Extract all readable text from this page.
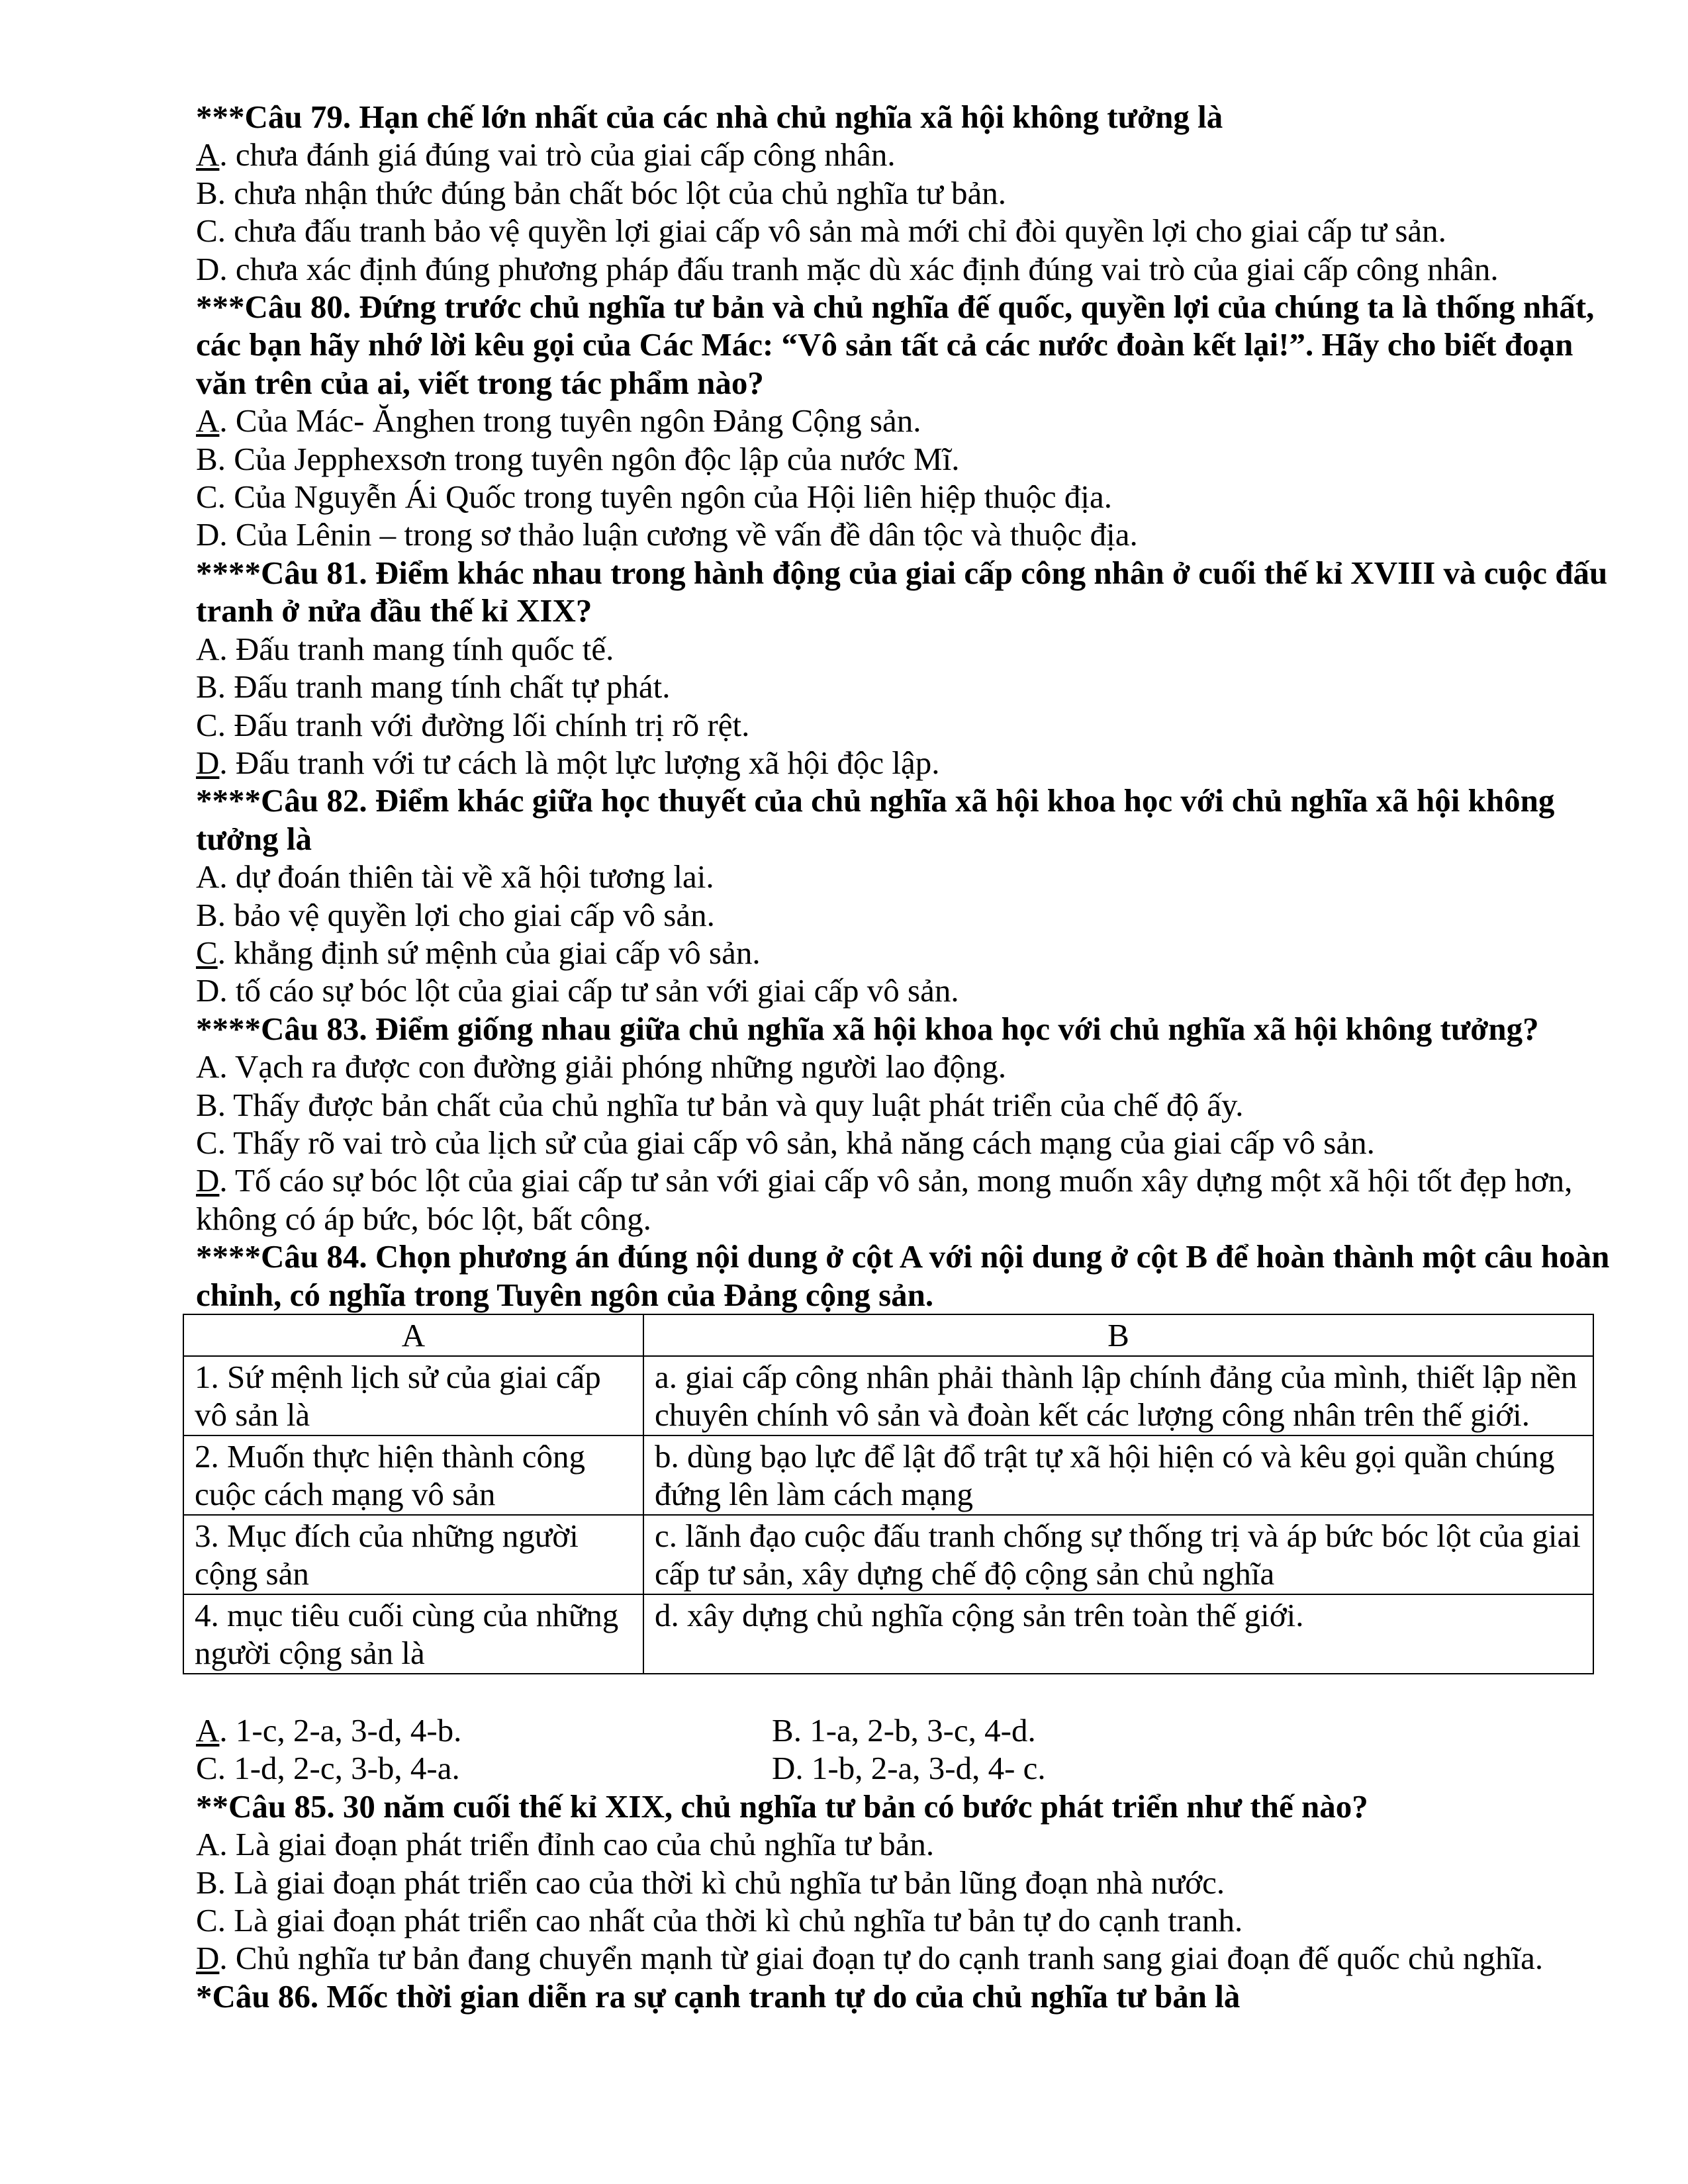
***Câu 79. Hạn chế lớn nhất của các nhà chủ nghĩa xã hội không tưởng là
A. chưa đánh giá đúng vai trò của giai cấp công nhân.
B. chưa nhận thức đúng bản chất bóc lột của chủ nghĩa tư bản.
C. chưa đấu tranh bảo vệ quyền lợi giai cấp vô sản mà mới chỉ đòi quyền lợi cho giai cấp tư sản.
D. chưa xác định đúng phương pháp đấu tranh mặc dù xác định đúng vai trò của giai cấp công nhân.
***Câu 80. Đứng trước chủ nghĩa tư bản và chủ nghĩa đế quốc, quyền lợi của chúng ta là thống nhất, các bạn hãy nhớ lời kêu gọi của Các Mác: “Vô sản tất cả các nước đoàn kết lại!”. Hãy cho biết đoạn văn trên của ai, viết trong tác phẩm nào?
A. Của Mác- Ănghen trong tuyên ngôn Đảng Cộng sản.
B. Của Jepphexsơn trong tuyên ngôn độc lập của nước Mĩ.
C. Của Nguyễn Ái Quốc trong tuyên ngôn của Hội liên hiệp thuộc địa.
D. Của Lênin – trong sơ thảo luận cương về vấn đề dân tộc và thuộc địa.
****Câu 81. Điểm khác nhau trong hành động của giai cấp công nhân ở cuối thế kỉ XVIII và cuộc đấu tranh ở nửa đầu thế kỉ XIX?
A. Đấu tranh mang tính quốc tế.
B. Đấu tranh mang tính chất tự phát.
C. Đấu tranh với đường lối chính trị rõ rệt.
D. Đấu tranh với tư cách là một lực lượng xã hội độc lập.
****Câu 82. Điểm khác giữa học thuyết của chủ nghĩa xã hội khoa học với chủ nghĩa xã hội không tưởng là
A. dự đoán thiên tài về xã hội tương lai.
B. bảo vệ quyền lợi cho giai cấp vô sản.
C. khẳng định sứ mệnh của giai cấp vô sản.
D. tố cáo sự bóc lột của giai cấp tư sản với giai cấp vô sản.
****Câu 83. Điểm giống nhau giữa chủ nghĩa xã hội khoa học với chủ nghĩa xã hội không tưởng?
A. Vạch ra được con đường giải phóng những người lao động.
B. Thấy được bản chất của chủ nghĩa tư bản và quy luật phát triển của chế độ ấy.
C. Thấy rõ vai trò của lịch sử của giai cấp vô sản, khả năng cách mạng của giai cấp vô sản.
D. Tố cáo sự bóc lột của giai cấp tư sản với giai cấp vô sản, mong muốn xây dựng một xã hội tốt đẹp hơn, không có áp bức, bóc lột, bất công.
****Câu 84. Chọn phương án đúng nội dung ở cột A với nội dung ở cột B để hoàn thành một câu hoàn chỉnh, có nghĩa trong Tuyên ngôn của Đảng cộng sản.
A	B
1. Sứ mệnh lịch sử của giai cấp vô sản là	a. giai cấp công nhân phải thành lập chính đảng của mình, thiết lập nền chuyên chính vô sản và đoàn kết các lượng công nhân trên thế giới.
2. Muốn thực hiện thành công cuộc cách mạng vô sản	b. dùng bạo lực để lật đổ trật tự xã hội hiện có và kêu gọi quần chúng đứng lên làm cách mạng
3. Mục đích của những người cộng sản	c. lãnh đạo cuộc đấu tranh chống sự thống trị và áp bức bóc lột của giai cấp tư sản, xây dựng chế độ cộng sản chủ nghĩa
4. mục tiêu cuối cùng của những người cộng sản là	d. xây dựng chủ nghĩa cộng sản trên toàn thế giới.
A. 1-c, 2-a, 3-d, 4-b.	B. 1-a, 2-b, 3-c, 4-d.
C. 1-d, 2-c, 3-b, 4-a.	D. 1-b, 2-a, 3-d, 4- c.
**Câu 85. 30 năm cuối thế kỉ XIX, chủ nghĩa tư bản có bước phát triển như thế nào?
A. Là giai đoạn phát triển đỉnh cao của chủ nghĩa tư bản.
B. Là giai đoạn phát triển cao của thời kì chủ nghĩa tư bản lũng đoạn nhà nước.
C. Là giai đoạn phát triển cao nhất của thời kì chủ nghĩa tư bản tự do cạnh tranh.
D. Chủ nghĩa tư bản đang chuyển mạnh từ giai đoạn tự do cạnh tranh sang giai đoạn đế quốc chủ nghĩa.
*Câu 86. Mốc thời gian diễn ra sự cạnh tranh tự do của chủ nghĩa tư bản là
